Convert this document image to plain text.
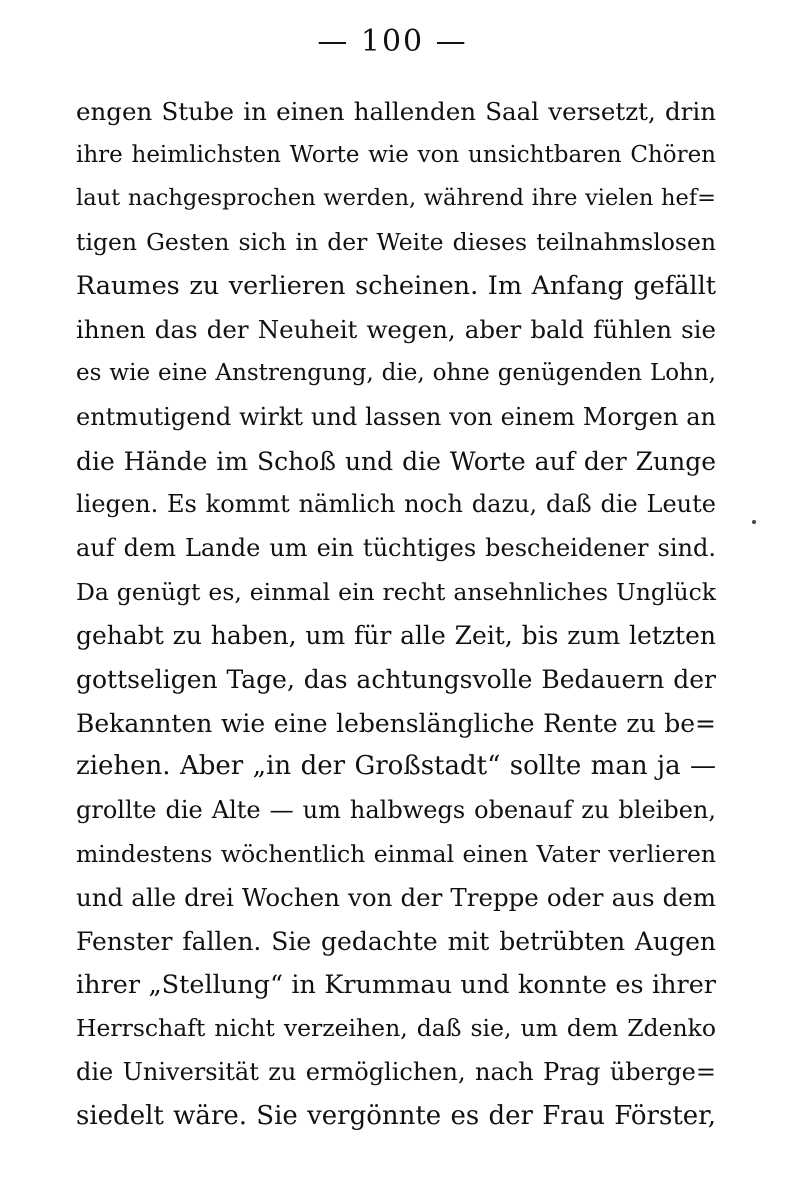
— 100 —
engen Stube in einen hallenden Saal versetzt, drin
ihre heimlichsten Worte wie von unsichtbaren Chören
laut nachgesprochen werden, während ihre vielen hef=
tigen Gesten sich in der Weite dieses teilnahmslosen
Raumes zu verlieren scheinen. Im Anfang gefällt
ihnen das der Neuheit wegen, aber bald fühlen sie
es wie eine Anstrengung, die, ohne genügenden Lohn,
entmutigend wirkt und lassen von einem Morgen an
die Hände im Schoß und die Worte auf der Zunge
liegen. Es kommt nämlich noch dazu, daß die Leute
auf dem Lande um ein tüchtiges bescheidener sind.
Da genügt es, einmal ein recht ansehnliches Unglück
gehabt zu haben, um für alle Zeit, bis zum letzten
gottseligen Tage, das achtungsvolle Bedauern der
Bekannten wie eine lebenslängliche Rente zu be=
ziehen. Aber „in der Großstadt“ sollte man ja —
grollte die Alte — um halbwegs obenauf zu bleiben,
mindestens wöchentlich einmal einen Vater verlieren
und alle drei Wochen von der Treppe oder aus dem
Fenster fallen. Sie gedachte mit betrübten Augen
ihrer „Stellung“ in Krummau und konnte es ihrer
Herrschaft nicht verzeihen, daß sie, um dem Zdenko
die Universität zu ermöglichen, nach Prag überge=
siedelt wäre. Sie vergönnte es der Frau Förster,
